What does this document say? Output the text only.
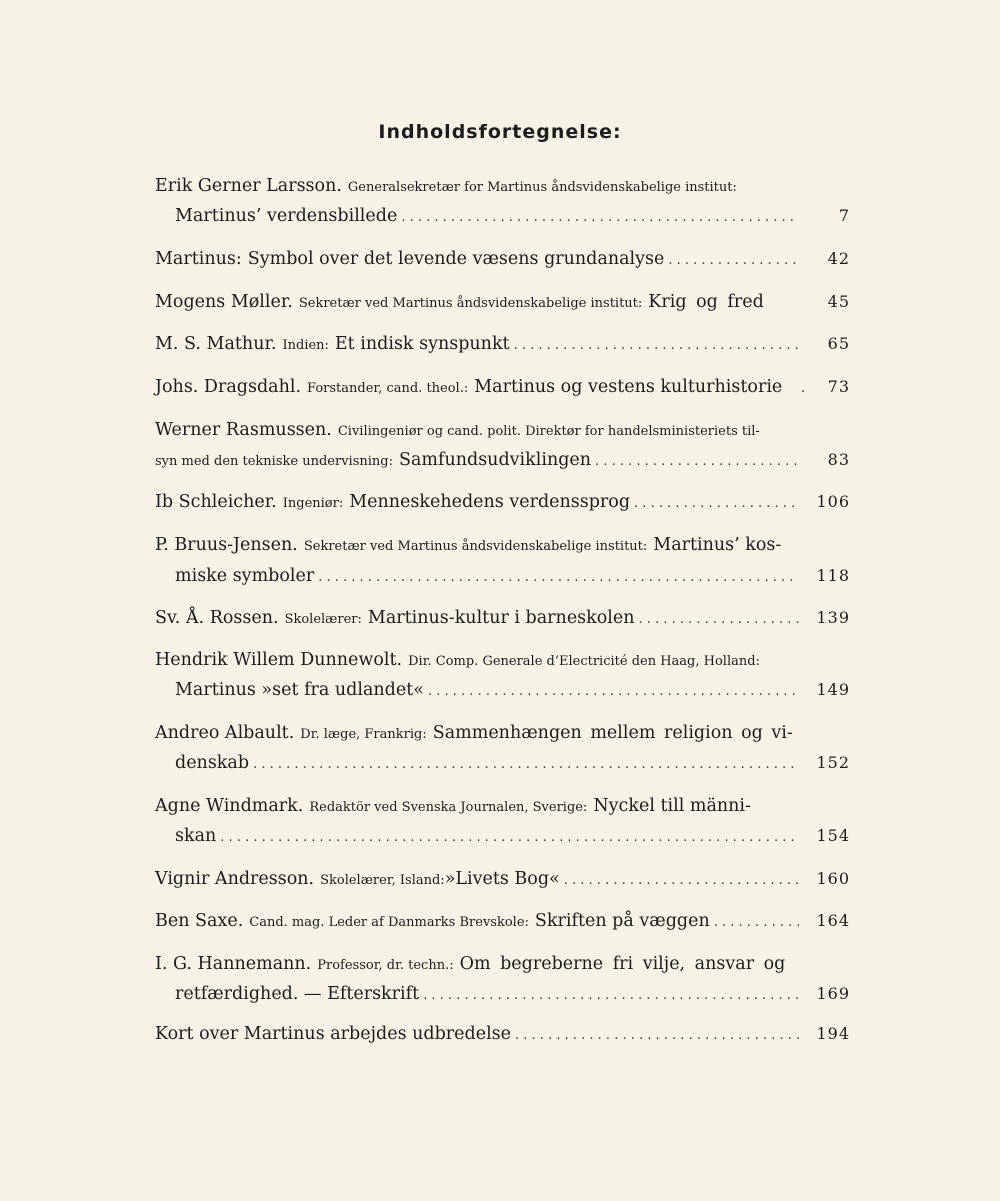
Indholdsfortegnelse:
Erik Gerner Larsson. Generalsekretær for Martinus åndsvidenskabelige institut:
Martinus’ verdensbillede . . .	7
Martinus: Symbol over det levende væsens grundanalyse . . .	42
Mogens Møller. Sekretær ved Martinus åndsvidenskabelige institut: Krig og fred	45
M. S. Mathur. Indien: Et indisk synspunkt . . .	65
Johs. Dragsdahl. Forstander, cand. theol.: Martinus og vestens kulturhistorie .	73
Werner Rasmussen. Civilingeniør og cand. polit. Direktør for handelsministeriets til-
syn med den tekniske undervisning: Samfundsudviklingen . . .	83
Ib Schleicher. Ingeniør: Menneskehedens verdenssprog . . .	106
P. Bruus-Jensen. Sekretær ved Martinus åndsvidenskabelige institut: Martinus’ kos-
miske symboler . . .	118
Sv. Å. Rossen. Skolelærer: Martinus-kultur i barneskolen . . .	139
Hendrik Willem Dunnewolt. Dir. Comp. Generale d’Electricité den Haag, Holland:
Martinus »set fra udlandet« . . .	149
Andreo Albault. Dr. læge, Frankrig: Sammenhængen mellem religion og vi-
denskab . . .	152
Agne Windmark. Redaktör ved Svenska Journalen, Sverige: Nyckel till männi-
skan . . .	154
Vignir Andresson. Skolelærer, Island: »Livets Bog« . . .	160
Ben Saxe. Cand. mag. Leder af Danmarks Brevskole: Skriften på væggen . . .	164
I. G. Hannemann. Professor, dr. techn.: Om begreberne fri vilje, ansvar og
retfærdighed. — Efterskrift . . .	169
Kort over Martinus arbejdes udbredelse . . .	194
